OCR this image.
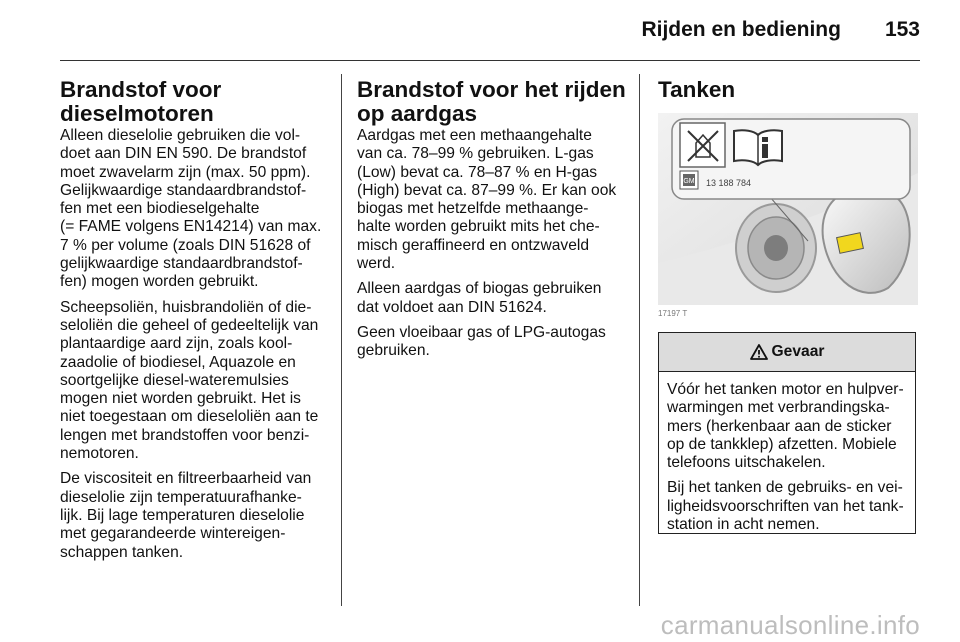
Rijden en bediening 153
Brandstof voor
dieselmotoren

Alleen dieselolie gebruiken die vol-
doet aan DIN EN 590. De brandstof
moet zwavelarm zijn (max. 50 ppm).
Gelijkwaardige standaardbrandstof-
fen met een biodieselgehalte
(= FAME volgens EN14214) van max.
7 % per volume (zoals DIN 51628 of
gelijkwaardige standaardbrandstof-
fen) mogen worden gebruikt.

Scheepsoliën, huisbrandoliën of die-
seloliën die geheel of gedeeltelijk van
plantaardige aard zijn, zoals kool-
zaadolie of biodiesel, Aquazole en
soortgelijke diesel-wateremulsies
mogen niet worden gebruikt. Het is
niet toegestaan om dieseloliën aan te
lengen met brandstoffen voor benzi-
nemotoren.

De viscositeit en filtreerbaarheid van
dieselolie zijn temperatuurafhanke-
lijk. Bij lage temperaturen dieselolie
met gegarandeerde wintereigen-
schappen tanken.

Brandstof voor het rijden
op aardgas

Aardgas met een methaangehalte
van ca. 78–99 % gebruiken. L-gas
(Low) bevat ca. 78–87 % en H-gas
(High) bevat ca. 87–99 %. Er kan ook
biogas met hetzelfde methaange-
halte worden gebruikt mits het che-
misch geraffineerd en ontzwaveld
werd.

Alleen aardgas of biogas gebruiken
dat voldoet aan DIN 51624.

Geen vloeibaar gas of LPG-autogas
gebruiken.

Tanken
GM 13 188 784
17197 T
Gevaar

Vóór het tanken motor en hulpver-
warmingen met verbrandingska-
mers (herkenbaar aan de sticker
op de tankklep) afzetten. Mobiele
telefoons uitschakelen.

Bij het tanken de gebruiks- en vei-
ligheidsvoorschriften van het tank-
station in acht nemen.

carmanualsonline.info
